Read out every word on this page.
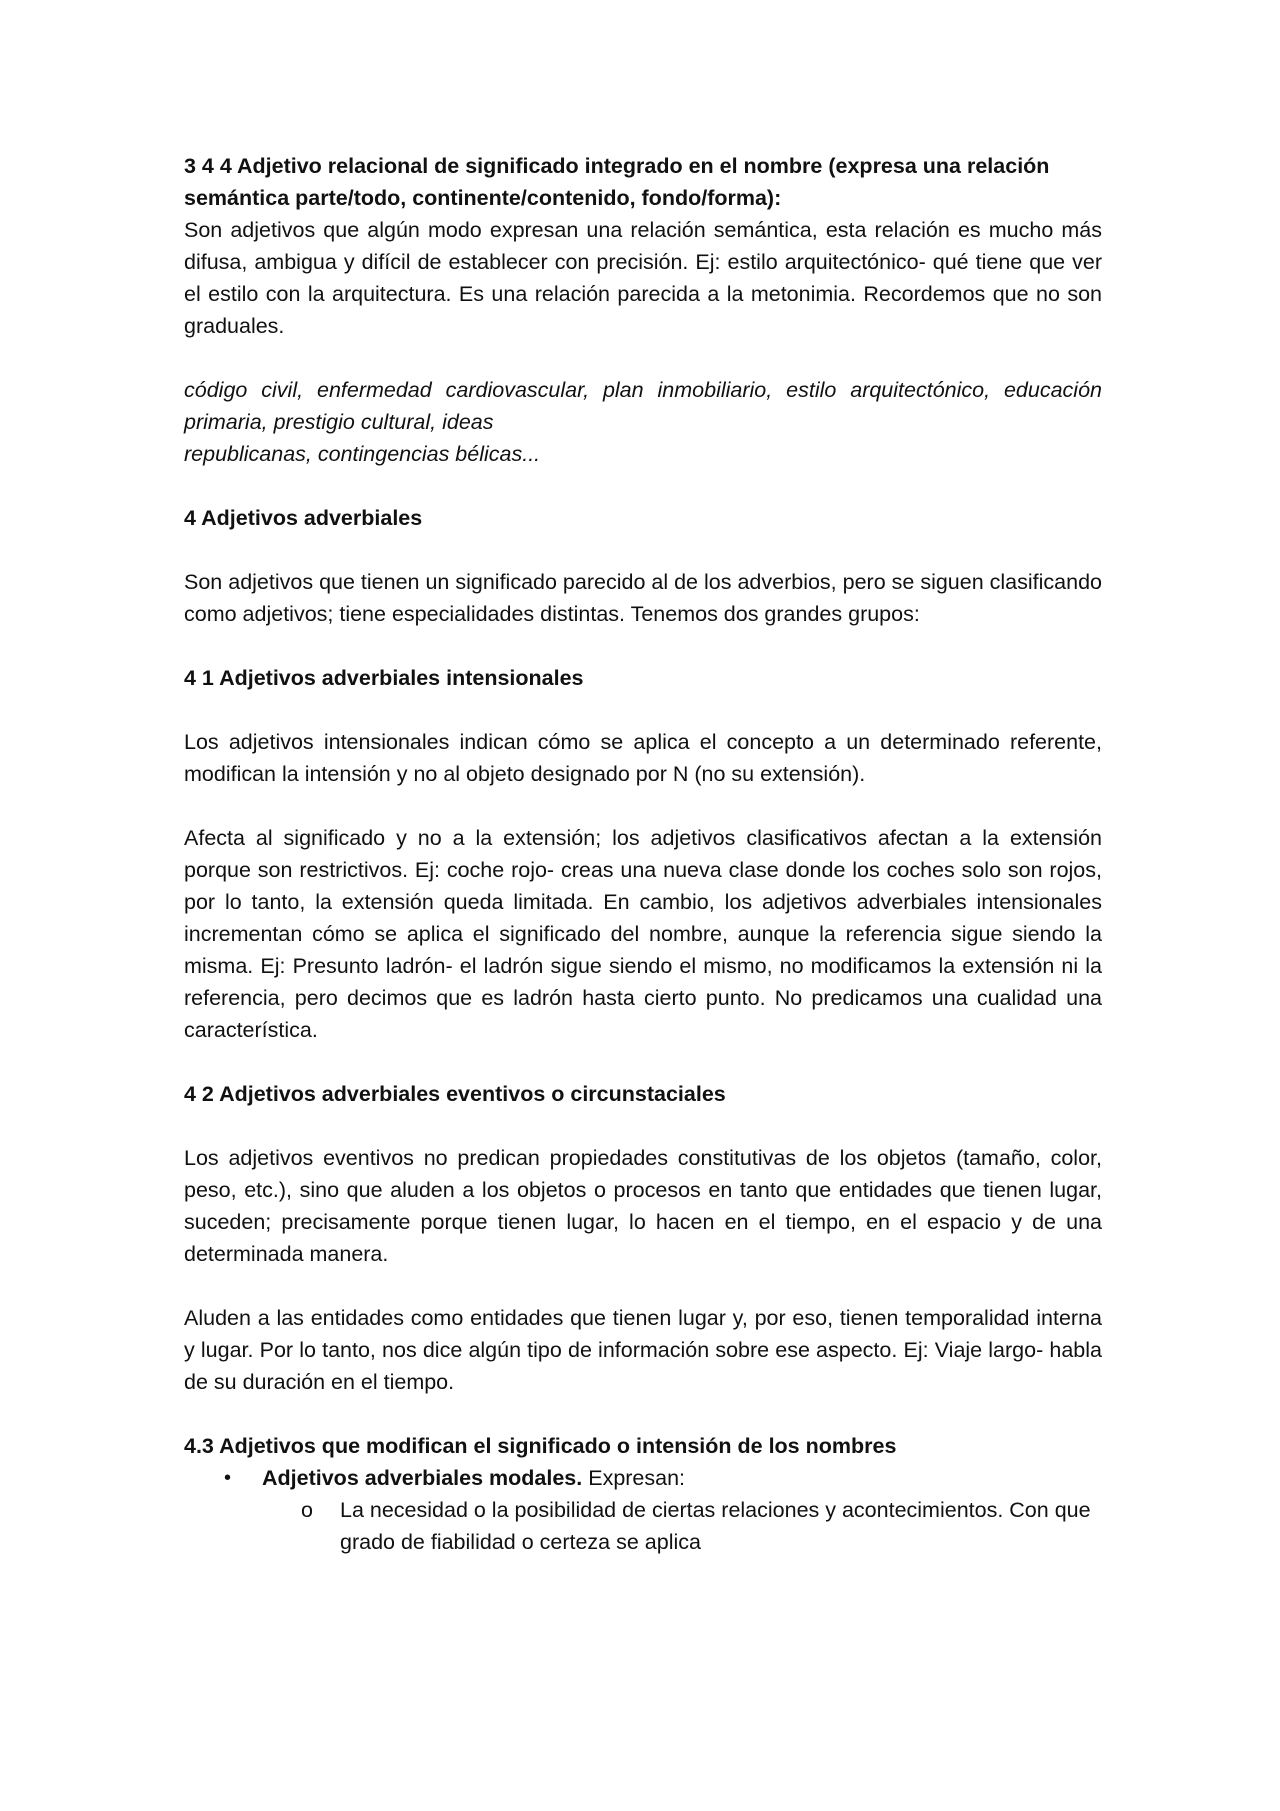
3 4 4 Adjetivo relacional de significado integrado en el nombre (expresa una relación semántica parte/todo, continente/contenido, fondo/forma):

Son adjetivos que algún modo expresan una relación semántica, esta relación es mucho más difusa, ambigua y difícil de establecer con precisión. Ej: estilo arquitectónico- qué tiene que ver el estilo con la arquitectura. Es una relación parecida a la metonimia. Recordemos que no son graduales.

código civil, enfermedad cardiovascular, plan inmobiliario, estilo arquitectónico, educación primaria, prestigio cultural, ideas

republicanas, contingencias bélicas...

4 Adjetivos adverbiales

Son adjetivos que tienen un significado parecido al de los adverbios, pero se siguen clasificando como adjetivos; tiene especialidades distintas. Tenemos dos grandes grupos:

4 1 Adjetivos adverbiales intensionales

Los adjetivos intensionales indican cómo se aplica el concepto a un determinado referente, modifican la intensión y no al objeto designado por N (no su extensión).

Afecta al significado y no a la extensión; los adjetivos clasificativos afectan a la extensión porque son restrictivos. Ej: coche rojo- creas una nueva clase donde los coches solo son rojos, por lo tanto, la extensión queda limitada. En cambio, los adjetivos adverbiales intensionales incrementan cómo se aplica el significado del nombre, aunque la referencia sigue siendo la misma. Ej: Presunto ladrón- el ladrón sigue siendo el mismo, no modificamos la extensión ni la referencia, pero decimos que es ladrón hasta cierto punto. No predicamos una cualidad una característica.

4 2 Adjetivos adverbiales eventivos o circunstaciales

Los adjetivos eventivos no predican propiedades constitutivas de los objetos (tamaño, color, peso, etc.), sino que aluden a los objetos o procesos en tanto que entidades que tienen lugar, suceden; precisamente porque tienen lugar, lo hacen en el tiempo, en el espacio y de una determinada manera.

Aluden a las entidades como entidades que tienen lugar y, por eso, tienen temporalidad interna y lugar. Por lo tanto, nos dice algún tipo de información sobre ese aspecto. Ej: Viaje largo- habla de su duración en el tiempo.

4.3 Adjetivos que modifican el significado o intensión de los nombres

• Adjetivos adverbiales modales. Expresan:
o La necesidad o la posibilidad de ciertas relaciones y acontecimientos. Con que grado de fiabilidad o certeza se aplica
